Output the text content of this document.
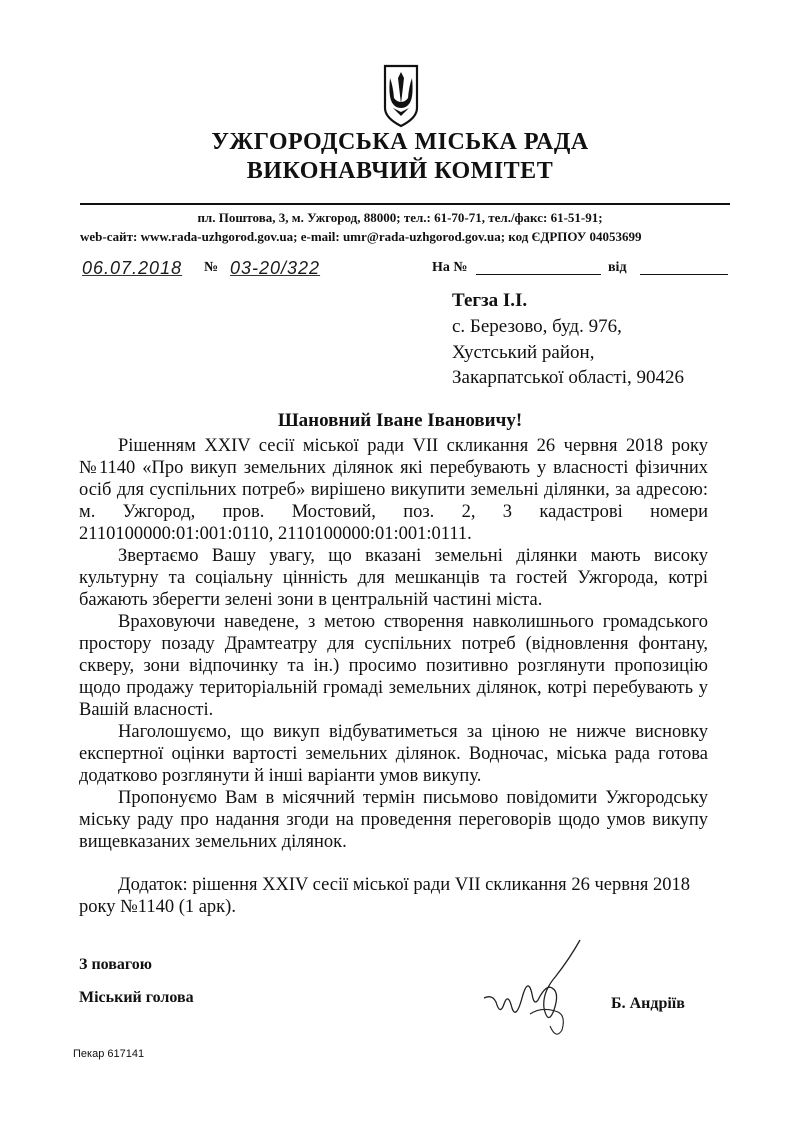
УЖГОРОДСЬКА МІСЬКА РАДА
ВИКОНАВЧИЙ КОМІТЕТ
пл. Поштова, 3, м. Ужгород, 88000; тел.: 61-70-71, тел./факс: 61-51-91;
web-сайт: www.rada-uzhgorod.gov.ua; e-mail: umr@rada-uzhgorod.gov.ua; код ЄДРПОУ 04053699
06.07.2018 № 03-20/322	На №	від
Тегза І.І.
с. Березово, буд. 976,
Хустський район,
Закарпатської області, 90426
Шановний Іване Івановичу!

Рішенням XXIV сесії міської ради VII скликання 26 червня 2018 року №1140 «Про викуп земельних ділянок які перебувають у власності фізичних осіб для суспільних потреб» вирішено викупити земельні ділянки, за адресою: м. Ужгород, пров. Мостовий, поз. 2, 3 кадастрові номери 2110100000:01:001:0110, 2110100000:01:001:0111.

Звертаємо Вашу увагу, що вказані земельні ділянки мають високу культурну та соціальну цінність для мешканців та гостей Ужгорода, котрі бажають зберегти зелені зони в центральній частині міста.

Враховуючи наведене, з метою створення навколишнього громадського простору позаду Драмтеатру для суспільних потреб (відновлення фонтану, скверу, зони відпочинку та ін.) просимо позитивно розглянути пропозицію щодо продажу територіальній громаді земельних ділянок, котрі перебувають у Вашій власності.

Наголошуємо, що викуп відбуватиметься за ціною не нижче висновку експертної оцінки вартості земельних ділянок. Водночас, міська рада готова додатково розглянути й інші варіанти умов викупу.

Пропонуємо Вам в місячний термін письмово повідомити Ужгородську міську раду про надання згоди на проведення переговорів щодо умов викупу вищевказаних земельних ділянок.

Додаток: рішення XXIV сесії міської ради VII скликання 26 червня 2018 року №1140 (1 арк).
З повагою
Міський голова	Б. Андріїв
Пекар 617141
